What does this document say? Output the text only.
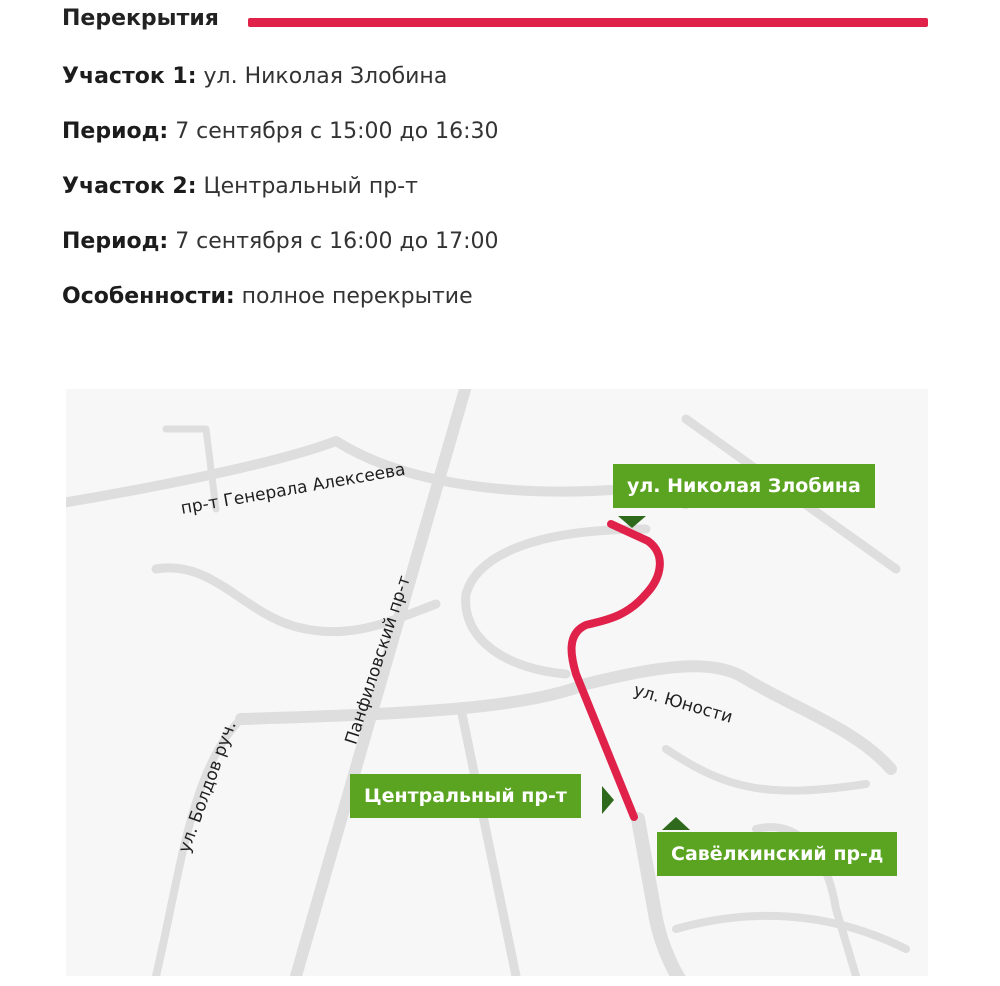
Перекрытия
Участок 1: ул. Николая Злобина
Период: 7 сентября с 15:00 до 16:30
Участок 2: Центральный пр-т
Период: 7 сентября с 16:00 до 17:00
Особенности: полное перекрытие
пр-т Генерала Алексеева
Панфиловский пр-т
ул. Болдов руч.
ул. Юности
ул. Николая Злобина
Центральный пр-т
Савёлкинский пр-д
